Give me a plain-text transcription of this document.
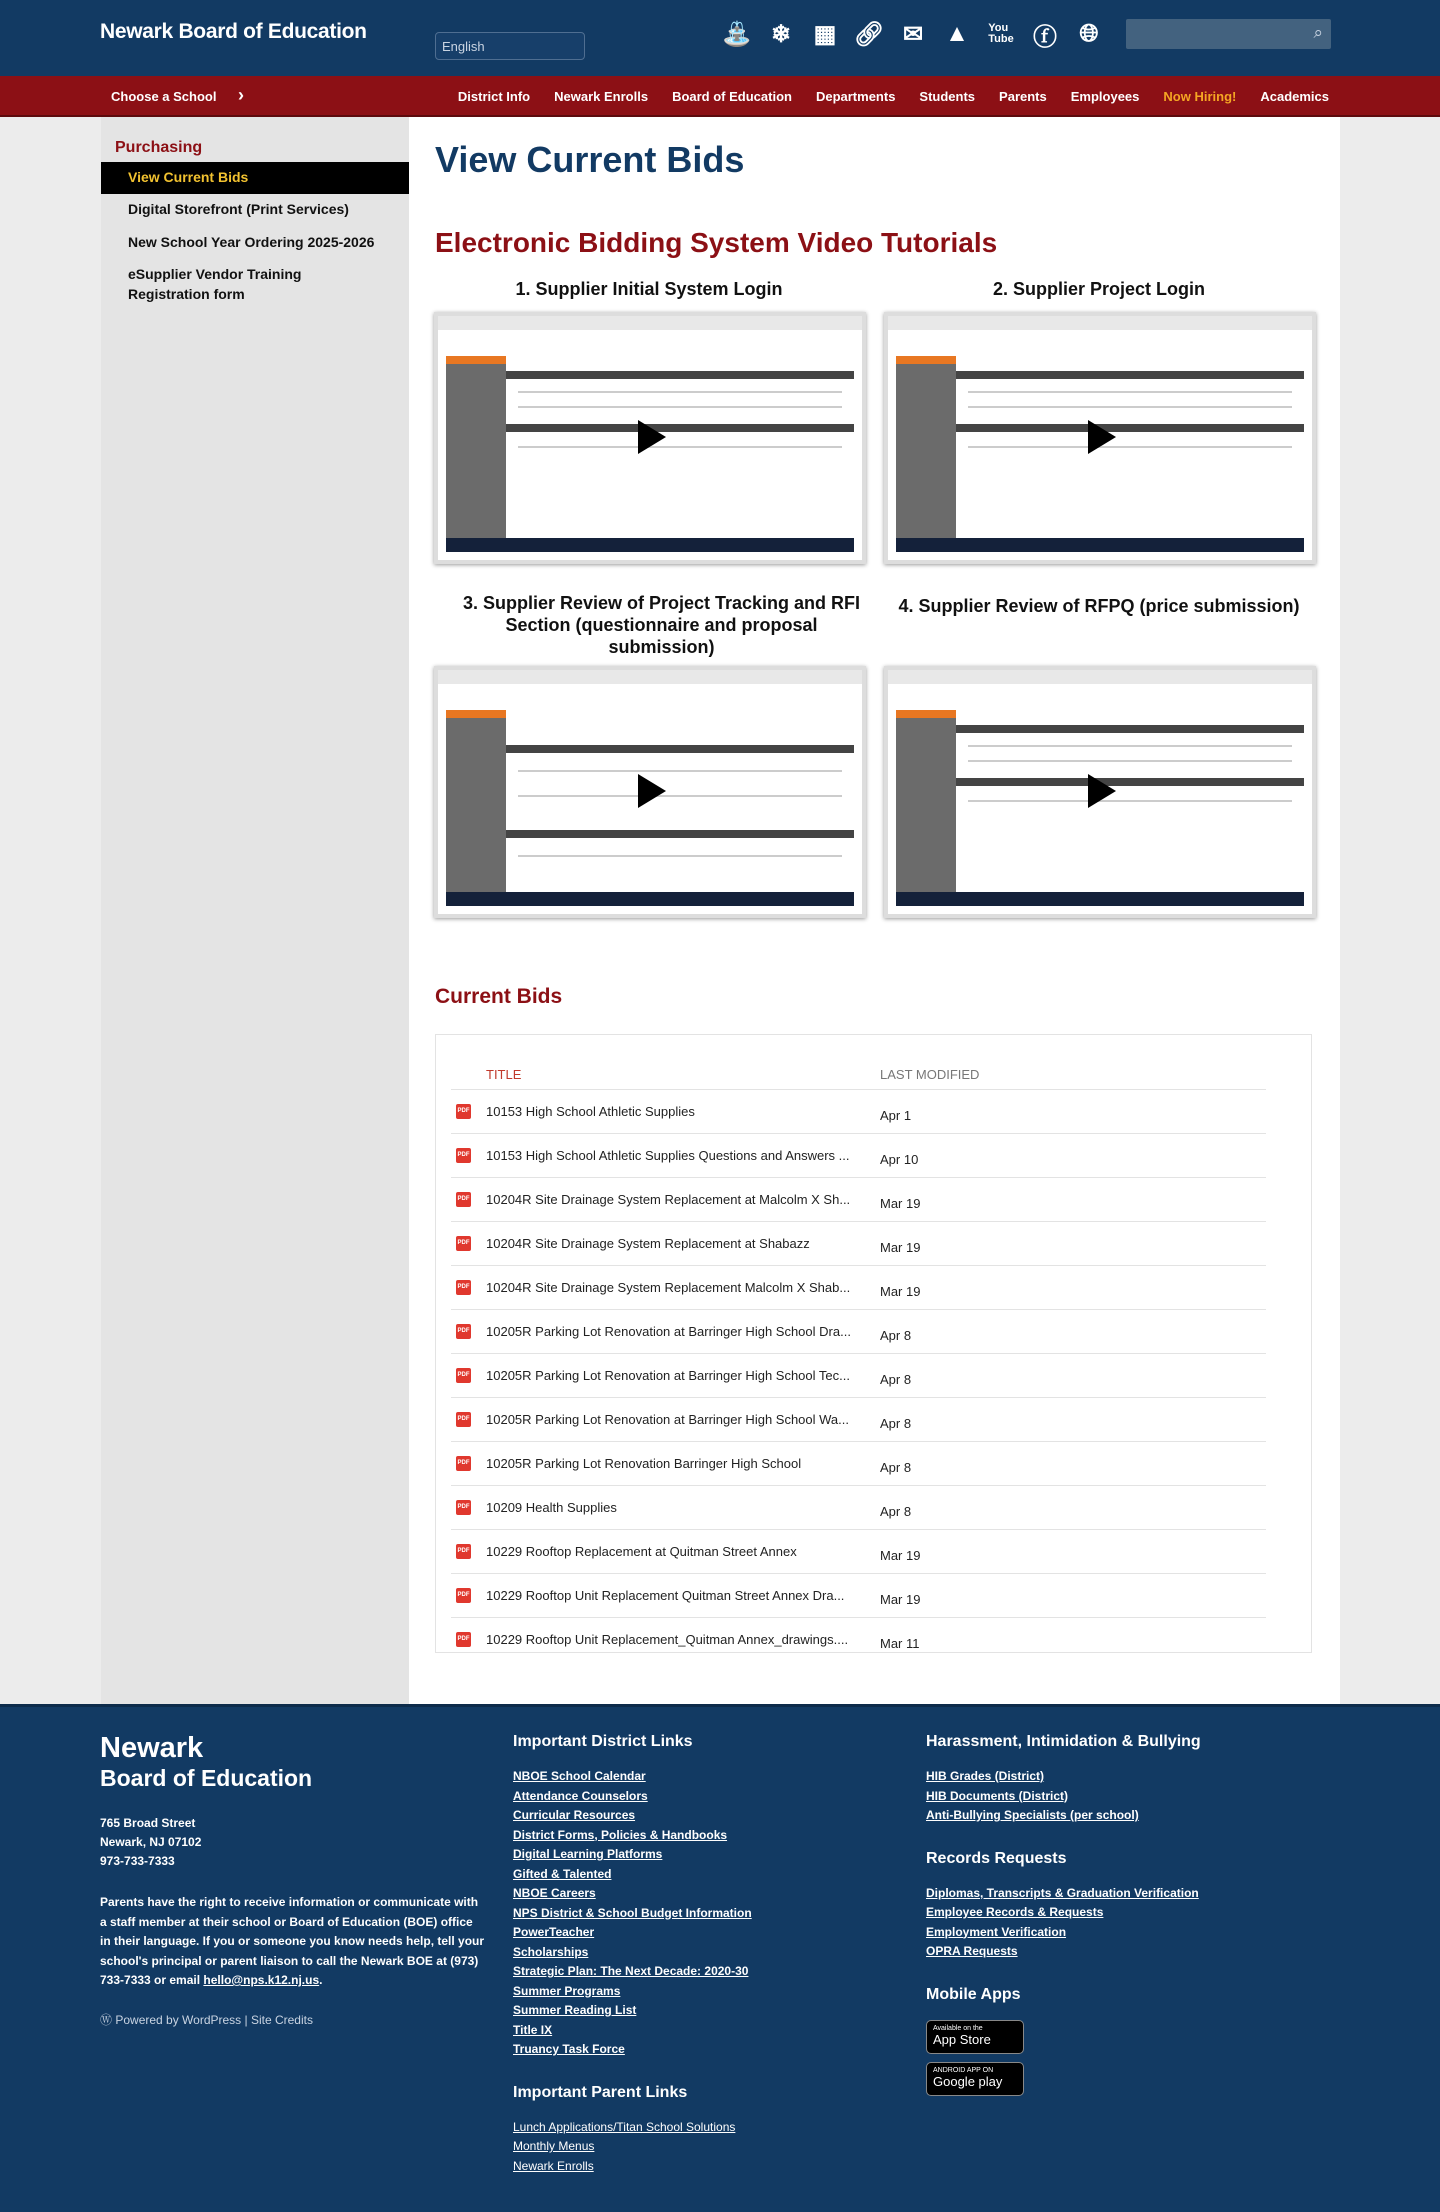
Newark Board of Education
English	⛲ ❄ ▦ 🔗︎ ✉ ▲ You
Tube ⓕ 🌐︎	⌕
Choose a School ›	District Info Newark Enrolls Board of Education Departments Students Parents Employees Now Hiring! Academics
Purchasing
View Current Bids
Digital Storefront (Print Services)
New School Year Ordering 2025-2026
eSupplier Vendor Training Registration form
View Current Bids
Electronic Bidding System Video Tutorials
1. Supplier Initial System Login	2. Supplier Project Login
3. Supplier Review of Project Tracking and RFI Section (questionnaire and proposal submission)
4. Supplier Review of RFPQ (price submission)
Current Bids
TITLE	LAST MODIFIED
PDF 10153 High School Athletic Supplies	Apr 1
PDF 10153 High School Athletic Supplies Questions and Answers ...	Apr 10
PDF 10204R Site Drainage System Replacement at Malcolm X Sh...	Mar 19
PDF 10204R Site Drainage System Replacement at Shabazz	Mar 19
PDF 10204R Site Drainage System Replacement Malcolm X Shab...	Mar 19
PDF 10205R Parking Lot Renovation at Barringer High School Dra...	Apr 8
PDF 10205R Parking Lot Renovation at Barringer High School Tec...	Apr 8
PDF 10205R Parking Lot Renovation at Barringer High School Wa...	Apr 8
PDF 10205R Parking Lot Renovation Barringer High School	Apr 8
PDF 10209 Health Supplies	Apr 8
PDF 10229 Rooftop Replacement at Quitman Street Annex	Mar 19
PDF 10229 Rooftop Unit Replacement Quitman Street Annex Dra...	Mar 19
PDF 10229 Rooftop Unit Replacement_Quitman Annex_drawings....	Mar 11
Newark
Board of Education
765 Broad Street
Newark, NJ 07102
973-733-7333
Parents have the right to receive information or communicate with a staff member at their school or Board of Education (BOE) office in their language. If you or someone you know needs help, tell your school's principal or parent liaison to call the Newark BOE at (973) 733-7333 or email hello@nps.k12.nj.us.
Ⓦ Powered by WordPress | Site Credits
Important District Links
NBOE School Calendar
Attendance Counselors
Curricular Resources
District Forms, Policies & Handbooks
Digital Learning Platforms
Gifted & Talented
NBOE Careers
NPS District & School Budget Information
PowerTeacher
Scholarships
Strategic Plan: The Next Decade: 2020-30
Summer Programs
Summer Reading List
Title IX
Truancy Task Force
Important Parent Links
Lunch Applications/Titan School Solutions
Monthly Menus
Newark Enrolls
Harassment, Intimidation & Bullying
HIB Grades (District)
HIB Documents (District)
Anti-Bullying Specialists (per school)
Records Requests
Diplomas, Transcripts & Graduation Verification
Employee Records & Requests
Employment Verification
OPRA Requests
Mobile Apps
Available on the
App Store
ANDROID APP ON
Google play
